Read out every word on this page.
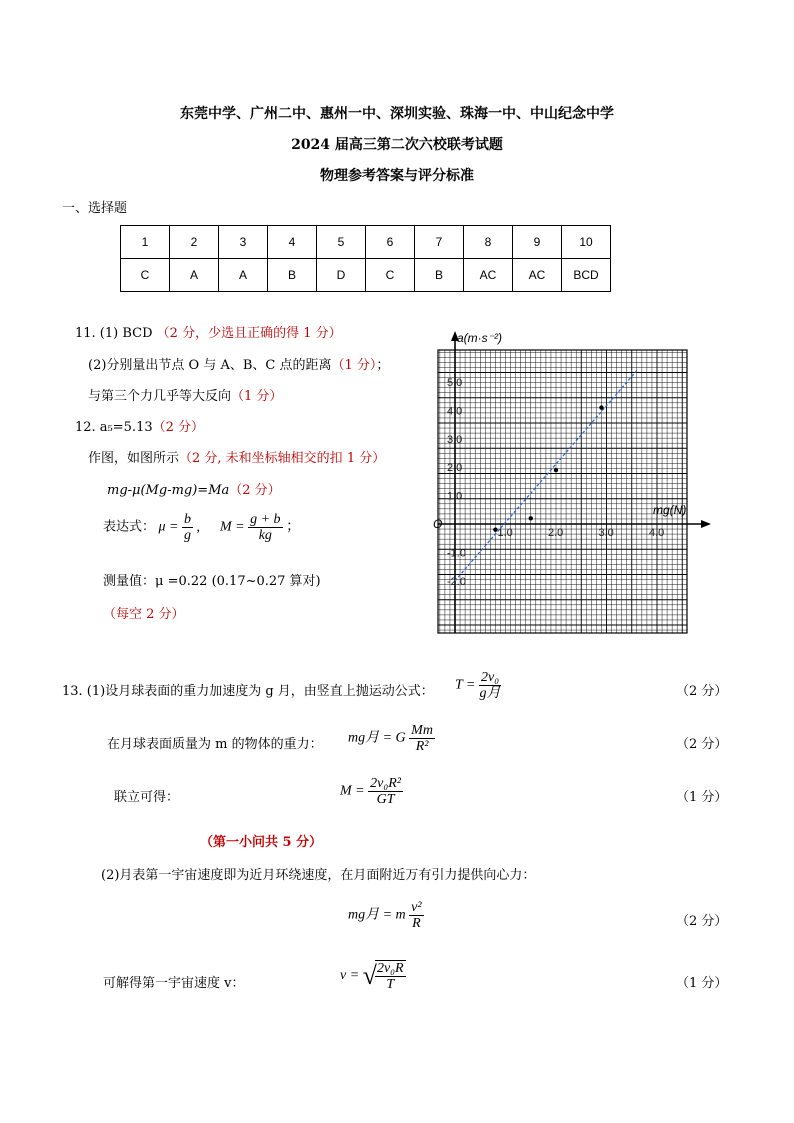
东莞中学、广州二中、惠州一中、深圳实验、珠海一中、中山纪念中学
2024 届高三第二次六校联考试题
物理参考答案与评分标准
一、选择题
1	2	3	4	5	6	7	8	9	10
C	A	A	B	D	C	B	AC	AC	BCD
11. (1) BCD （2 分，少选且正确的得 1 分）
(2)分别量出节点 O 与 A、B、C 点的距离（1 分）；
与第三个力几乎等大反向（1 分）
12. a₅=5.13（2 分）
作图，如图所示（2 分, 未和坐标轴相交的扣 1 分）
mg-μ(Mg-mg)=Ma（2 分）
表达式： $\mu = \frac{b}{g}$ , $M = \frac{g + b}{kg}$ ；
测量值：μ =0.22 (0.17~0.27 算对)
（每空 2 分）
1.0	2.0	3.0	4.0
-2.0
-1.0
1.0
2.0
3.0
4.0
5.0
a(m·s⁻²)
mg(N)
O
13. (1)设月球表面的重力加速度为 g 月，由竖直上抛运动公式： $T = \frac{\text{2v₀}}{\text{g月}}$	（2 分）
在月球表面质量为 m 的物体的重力： mg月 = G $\frac{Mm}{\text{R²}}$	（2 分）
联立可得：	$M = \frac{\text{2v₀R²}}{GT}$	（1 分）
（第一小问共 5 分）
(2)月表第一宇宙速度即为近月环绕速度，在月面附近万有引力提供向心力：
mg月 = m $\frac{\text{v²}}{R}$	（2 分）
可解得第一宇宙速度 v：
v = √
$\frac{\text{2v₀R}}{T}$	（1 分）
